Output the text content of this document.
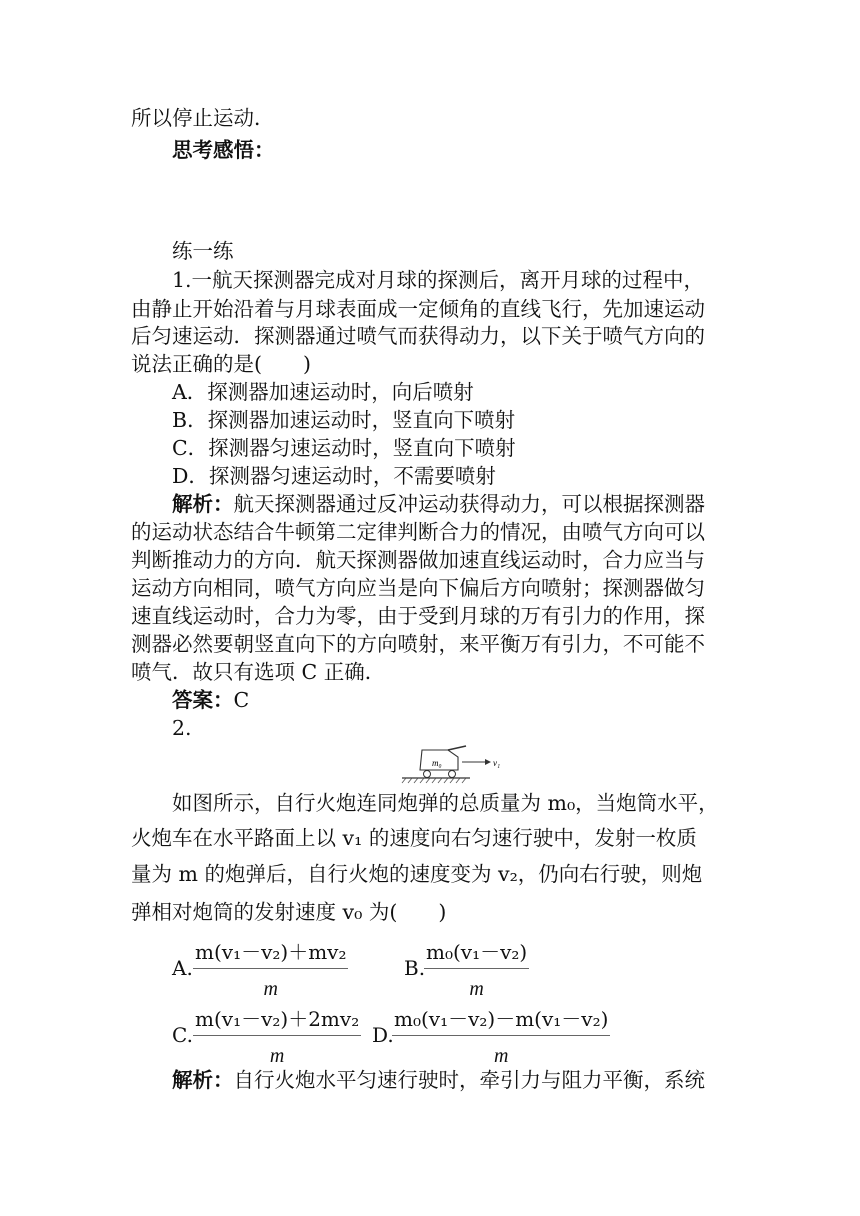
所以停止运动．
思考感悟：
练一练
1.一航天探测器完成对月球的探测后，离开月球的过程中，
由静止开始沿着与月球表面成一定倾角的直线飞行，先加速运动
后匀速运动．探测器通过喷气而获得动力，以下关于喷气方向的
说法正确的是(　　)
A．探测器加速运动时，向后喷射
B．探测器加速运动时，竖直向下喷射
C．探测器匀速运动时，竖直向下喷射
D．探测器匀速运动时，不需要喷射
解析：航天探测器通过反冲运动获得动力，可以根据探测器
的运动状态结合牛顿第二定律判断合力的情况，由喷气方向可以
判断推动力的方向．航天探测器做加速直线运动时，合力应当与
运动方向相同，喷气方向应当是向下偏后方向喷射；探测器做匀
速直线运动时，合力为零，由于受到月球的万有引力的作用，探
测器必然要朝竖直向下的方向喷射，来平衡万有引力，不可能不
喷气．故只有选项 C 正确．
答案：C
2.
m₀	v₁
如图所示，自行火炮连同炮弹的总质量为 m₀，当炮筒水平，
火炮车在水平路面上以 v₁ 的速度向右匀速行驶中，发射一枚质
量为 m 的炮弹后，自行火炮的速度变为 v₂，仍向右行驶，则炮
弹相对炮筒的发射速度 v₀ 为(　　)
A. $\frac{\text{m(v₁－v₂)＋mv₂}}{m}$	B.
$\frac{\text{m₀(v₁－v₂)}}{m}$
C. $\frac{\text{m(v₁－v₂)＋2mv₂}}{m} D$.
$\frac{\text{m₀(v₁－v₂)－m(v₁－v₂)}}{m}$
解析：自行火炮水平匀速行驶时，牵引力与阻力平衡，系统
